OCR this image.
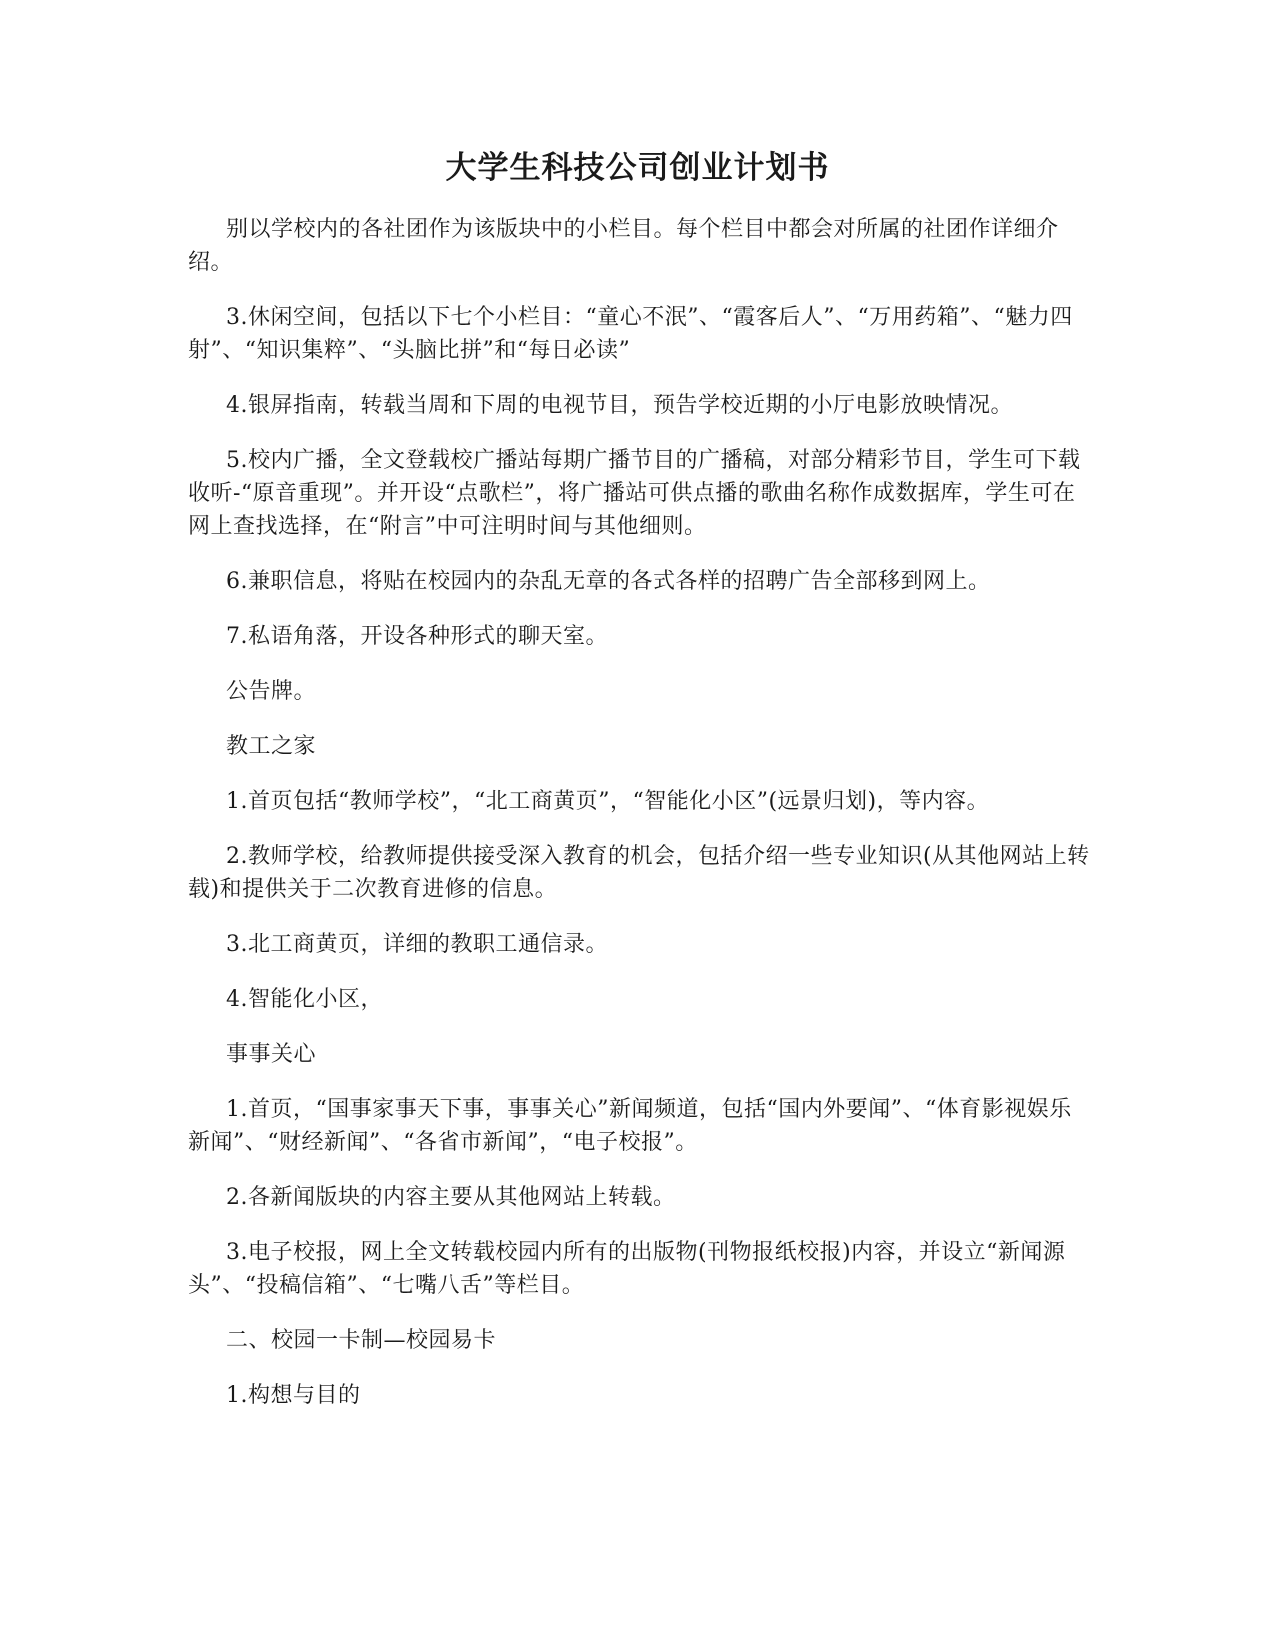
大学生科技公司创业计划书

别以学校内的各社团作为该版块中的小栏目。每个栏目中都会对所属的社团作详细介绍。

3.休闲空间，包括以下七个小栏目：“童心不泯”、“霞客后人”、“万用药箱”、“魅力四射”、“知识集粹”、“头脑比拼”和“每日必读”

4.银屏指南，转载当周和下周的电视节目，预告学校近期的小厅电影放映情况。

5.校内广播，全文登载校广播站每期广播节目的广播稿，对部分精彩节目，学生可下载收听-“原音重现”。并开设“点歌栏”，将广播站可供点播的歌曲名称作成数据库，学生可在网上查找选择，在“附言”中可注明时间与其他细则。

6.兼职信息，将贴在校园内的杂乱无章的各式各样的招聘广告全部移到网上。

7.私语角落，开设各种形式的聊天室。

公告牌。

教工之家

1.首页包括“教师学校”，“北工商黄页”，“智能化小区”(远景归划)，等内容。

2.教师学校，给教师提供接受深入教育的机会，包括介绍一些专业知识(从其他网站上转载)和提供关于二次教育进修的信息。

3.北工商黄页，详细的教职工通信录。

4.智能化小区，

事事关心

1.首页，“国事家事天下事，事事关心”新闻频道，包括“国内外要闻”、“体育影视娱乐新闻”、“财经新闻”、“各省市新闻”，“电子校报”。

2.各新闻版块的内容主要从其他网站上转载。

3.电子校报，网上全文转载校园内所有的出版物(刊物报纸校报)内容，并设立“新闻源头”、“投稿信箱”、“七嘴八舌”等栏目。

二、校园一卡制—校园易卡

1.构想与目的
